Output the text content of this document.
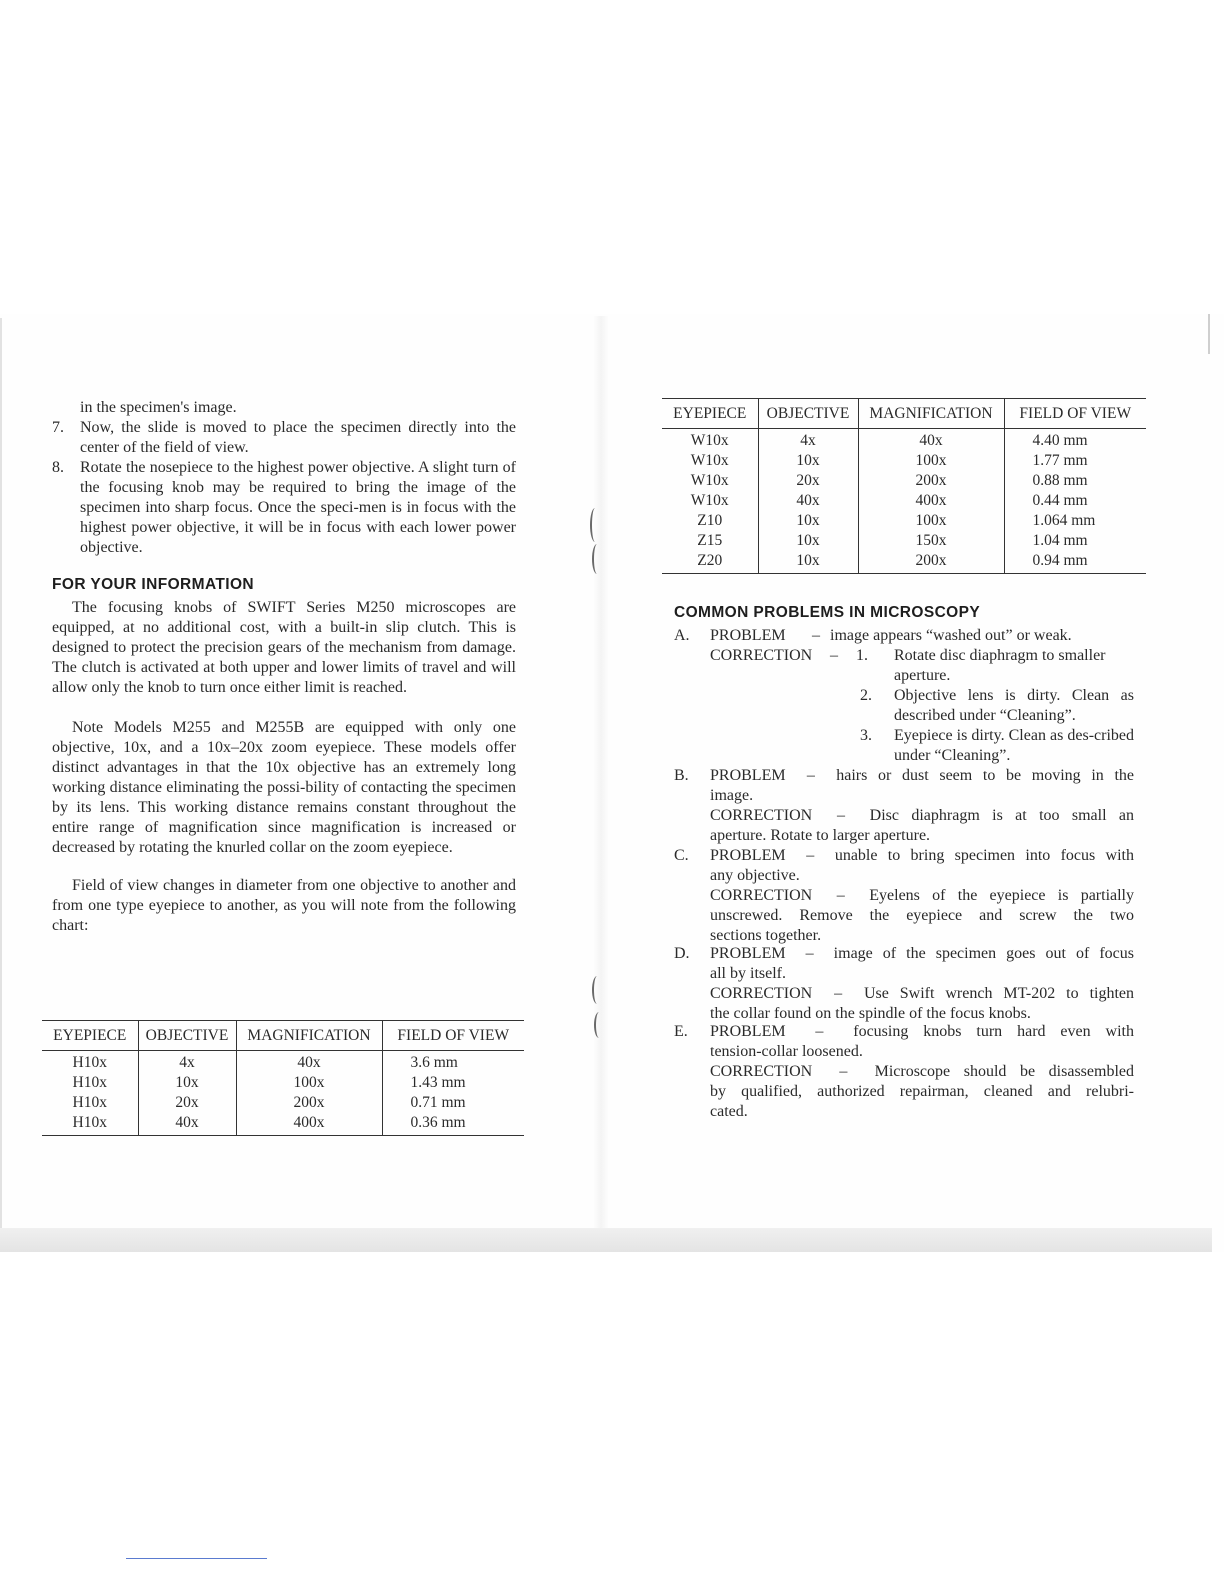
in the specimen's image.
7. Now, the slide is moved to place the specimen directly into the center of the field of view.
8. Rotate the nosepiece to the highest power objective. A slight turn of the focusing knob may be required to bring the image of the specimen into sharp focus. Once the speci-men is in focus with the highest power objective, it will be in focus with each lower power objective.
FOR YOUR INFORMATION
The focusing knobs of SWIFT Series M250 microscopes are equipped, at no additional cost, with a built-in slip clutch. This is designed to protect the precision gears of the mechanism from damage. The clutch is activated at both upper and lower limits of travel and will allow only the knob to turn once either limit is reached.
Note Models M255 and M255B are equipped with only one objective, 10x, and a 10x–20x zoom eyepiece. These models offer distinct advantages in that the 10x objective has an extremely long working distance eliminating the possi-bility of contacting the specimen by its lens. This working distance remains constant throughout the entire range of magnification since magnification is increased or decreased by rotating the knurled collar on the zoom eyepiece.
Field of view changes in diameter from one objective to another and from one type eyepiece to another, as you will note from the following chart:
EYEPIECE	OBJECTIVE	MAGNIFICATION	FIELD OF VIEW
H10x	4x	40x	3.6 mm
H10x	10x	100x	1.43 mm
H10x	20x	200x	0.71 mm
H10x	40x	400x	0.36 mm
EYEPIECE	OBJECTIVE	MAGNIFICATION	FIELD OF VIEW
W10x	4x	40x	4.40 mm
W10x	10x	100x	1.77 mm
W10x	20x	200x	0.88 mm
W10x	40x	400x	0.44 mm
Z10	10x	100x	1.064 mm
Z15	10x	150x	1.04 mm
Z20	10x	200x	0.94 mm
COMMON PROBLEMS IN MICROSCOPY
A. PROBLEM – image appears “washed out” or weak.
CORRECTION – 1. Rotate disc diaphragm to smaller aperture.
2. Objective lens is dirty. Clean as described under “Cleaning”.
3. Eyepiece is dirty. Clean as des-cribed under “Cleaning”.
B. PROBLEM  –  hairs or dust seem to be moving in the
image.
CORRECTION  –  Disc diaphragm is at too small an
aperture. Rotate to larger aperture.
C. PROBLEM  –  unable to bring specimen into focus with
any objective.
CORRECTION  –  Eyelens of the eyepiece is partially
unscrewed. Remove the eyepiece and screw the two
sections together.
D. PROBLEM  –  image of the specimen goes out of focus
all by itself.
CORRECTION  –  Use Swift wrench MT-202 to tighten
the collar found on the spindle of the focus knobs.
E. PROBLEM  –  focusing knobs turn hard even with
tension-collar loosened.
CORRECTION  –  Microscope should be disassembled
by qualified, authorized repairman, cleaned and relubri-
cated.
